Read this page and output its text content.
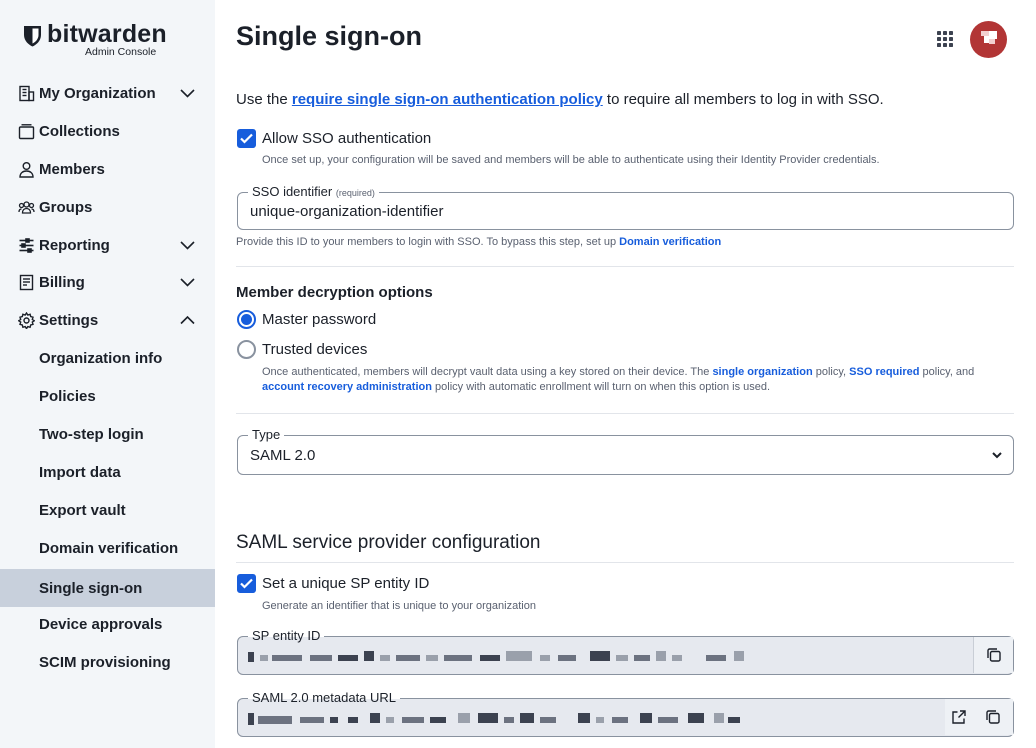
bitwarden
Admin Console
My Organization
Collections
Members
Groups
Reporting
Billing
Settings
Organization info
Policies
Two-step login
Import data
Export vault
Domain verification
Single sign-on
Device approvals
SCIM provisioning
Single sign-on

Use the require single sign-on authentication policy to require all members to log in with SSO.

Allow SSO authentication
Once set up, your configuration will be saved and members will be able to authenticate using their Identity Provider credentials.
SSO identifier (required)
unique-organization-identifier
Provide this ID to your members to login with SSO. To bypass this step, set up Domain verification
Member decryption options
Master password
Trusted devices
Once authenticated, members will decrypt vault data using a key stored on their device. The single organization policy, SSO required policy, and
account recovery administration policy with automatic enrollment will turn on when this option is used.
Type
SAML 2.0
SAML service provider configuration
Set a unique SP entity ID
Generate an identifier that is unique to your organization
SP entity ID
SAML 2.0 metadata URL
